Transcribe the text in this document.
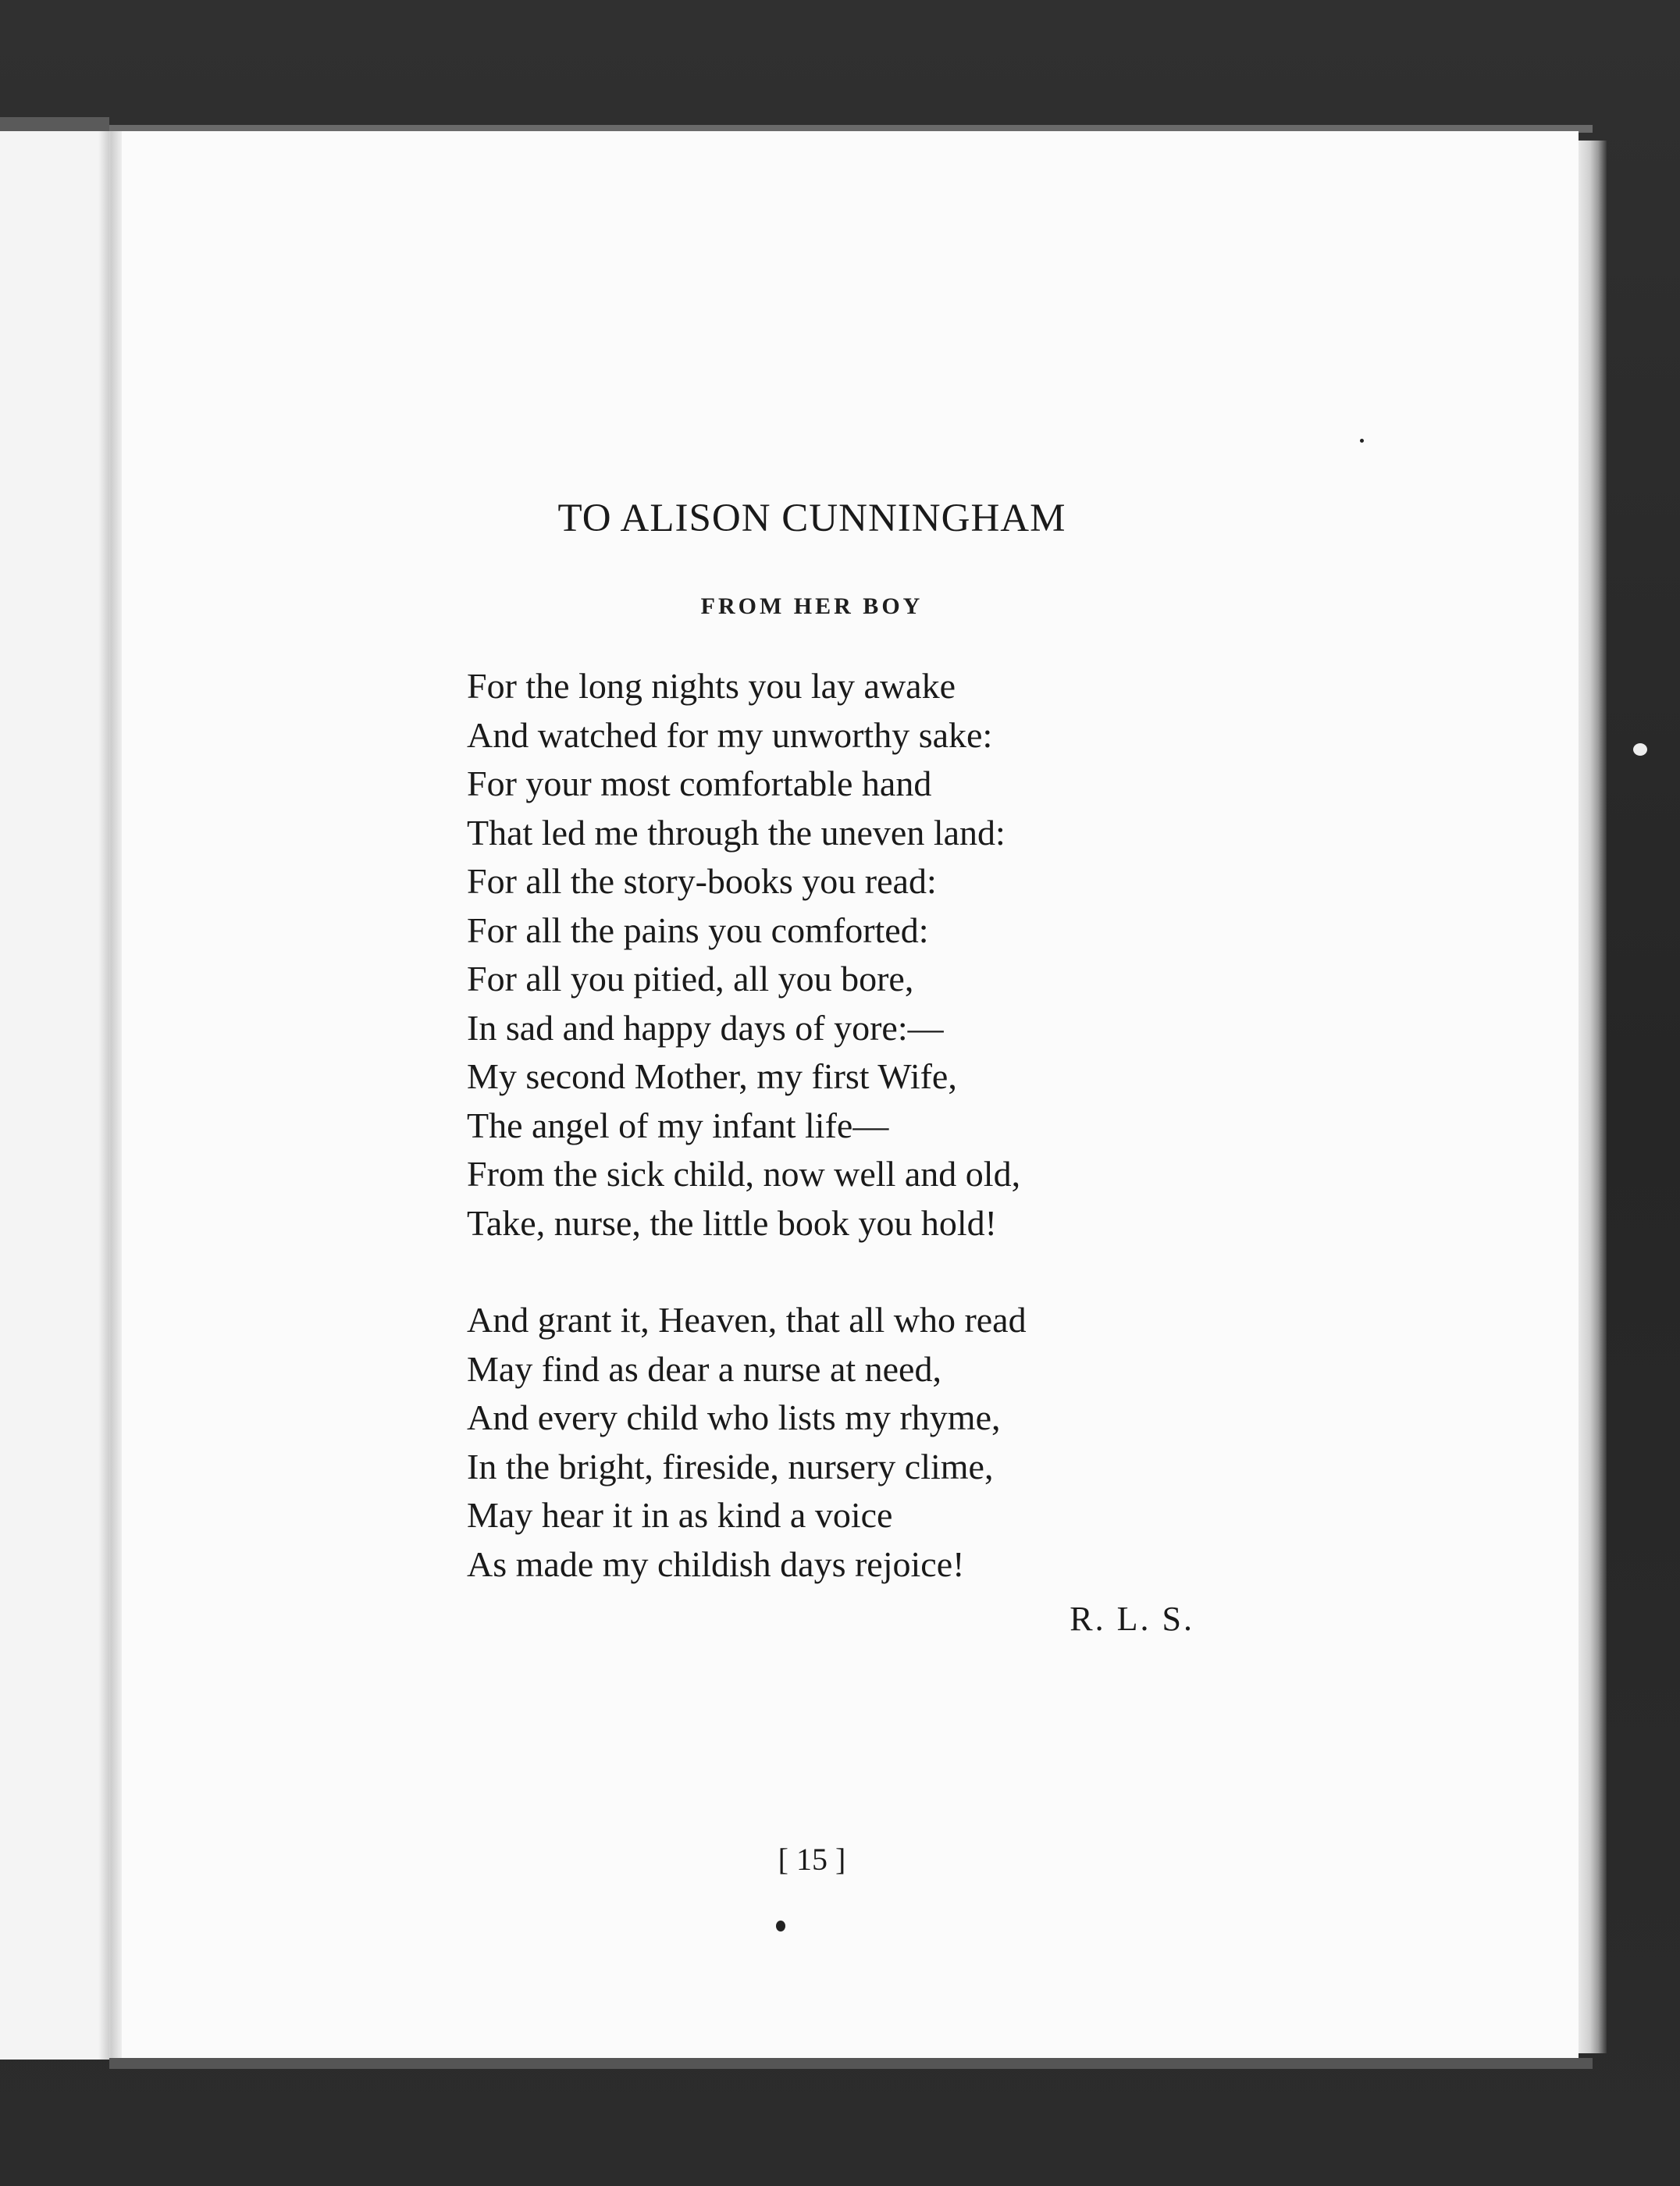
TO ALISON CUNNINGHAM
FROM HER BOY
For the long nights you lay awake
And watched for my unworthy sake:
For your most comfortable hand
That led me through the uneven land:
For all the story-books you read:
For all the pains you comforted:
For all you pitied, all you bore,
In sad and happy days of yore:—
My second Mother, my first Wife,
The angel of my infant life—
From the sick child, now well and old,
Take, nurse, the little book you hold!
And grant it, Heaven, that all who read
May find as dear a nurse at need,
And every child who lists my rhyme,
In the bright, fireside, nursery clime,
May hear it in as kind a voice
As made my childish days rejoice!
R. L. S.
[ 15 ]
